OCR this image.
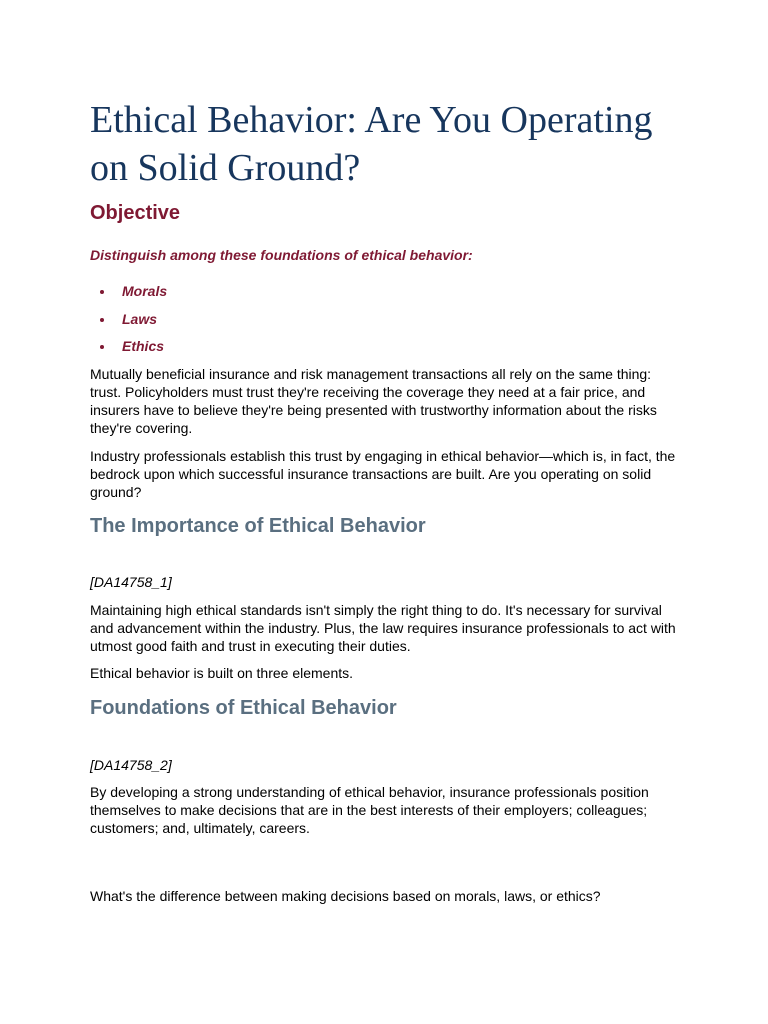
Ethical Behavior: Are You Operating on Solid Ground?
Objective

Distinguish among these foundations of ethical behavior:

Morals
Laws
Ethics

Mutually beneficial insurance and risk management transactions all rely on the same thing: trust. Policyholders must trust they're receiving the coverage they need at a fair price, and insurers have to believe they're being presented with trustworthy information about the risks they're covering.

Industry professionals establish this trust by engaging in ethical behavior—which is, in fact, the bedrock upon which successful insurance transactions are built. Are you operating on solid ground?

The Importance of Ethical Behavior

[DA14758_1]

Maintaining high ethical standards isn't simply the right thing to do. It's necessary for survival and advancement within the industry. Plus, the law requires insurance professionals to act with utmost good faith and trust in executing their duties.

Ethical behavior is built on three elements.

Foundations of Ethical Behavior

[DA14758_2]

By developing a strong understanding of ethical behavior, insurance professionals position themselves to make decisions that are in the best interests of their employers; colleagues; customers; and, ultimately, careers.

What's the difference between making decisions based on morals, laws, or ethics?
